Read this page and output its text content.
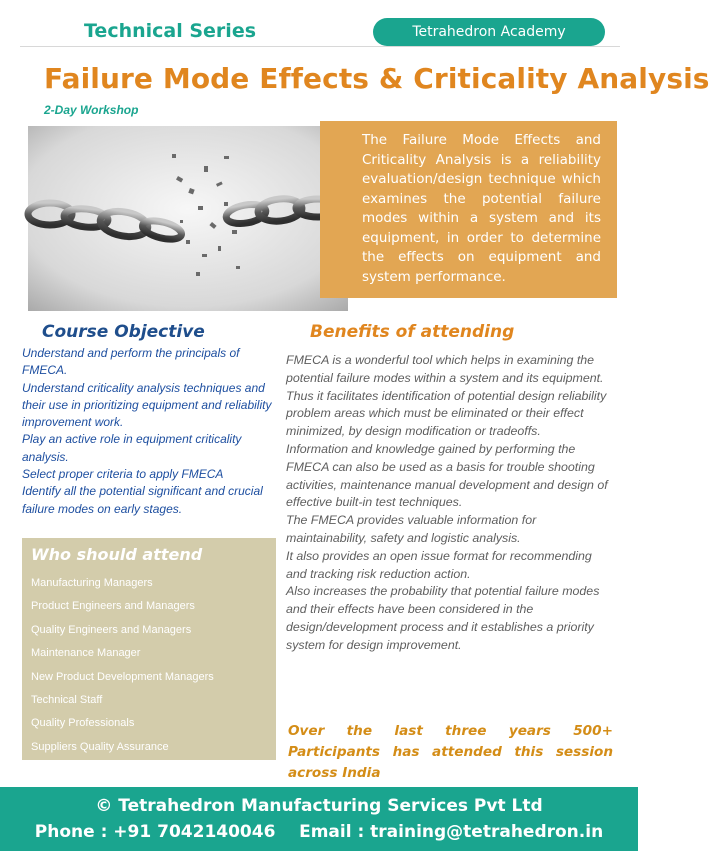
Technical Series	Tetrahedron Academy
Failure Mode Effects & Criticality Analysis
2-Day Workshop
The Failure Mode Effects and Criticality Analysis is a reliability evaluation/design technique which examines the potential failure modes within a system and its equipment, in order to determine the effects on equipment and system performance.
Course Objective
Understand and perform the principals of FMECA.
Understand criticality analysis techniques and their use in prioritizing equipment and reliability improvement work.
Play an active role in equipment criticality analysis.
Select proper criteria to apply FMECA
Identify all the potential significant and crucial failure modes on early stages.
Who should attend
Manufacturing Managers
Product Engineers and Managers
Quality Engineers and Managers
Maintenance Manager
New Product Development Managers
Technical Staff
Quality Professionals
Suppliers Quality Assurance
Benefits of attending
FMECA is a wonderful tool which helps in examining the potential failure modes within a system and its equipment.
Thus it facilitates identification of potential design reliability problem areas which must be eliminated or their effect minimized, by design modification or tradeoffs.
Information and knowledge gained by performing the FMECA can also be used as a basis for trouble shooting activities, maintenance manual development and design of effective built-in test techniques.
The FMECA provides valuable information for maintainability, safety and logistic analysis.
It also provides an open issue format for recommending and tracking risk reduction action.
Also increases the probability that potential failure modes and their effects have been considered in the design/development process and it establishes a priority system for design improvement.
Over the last three years 500+ Participants has attended this session across India
© Tetrahedron Manufacturing Services Pvt Ltd
Phone : +91 7042140046    Email : training@tetrahedron.in
